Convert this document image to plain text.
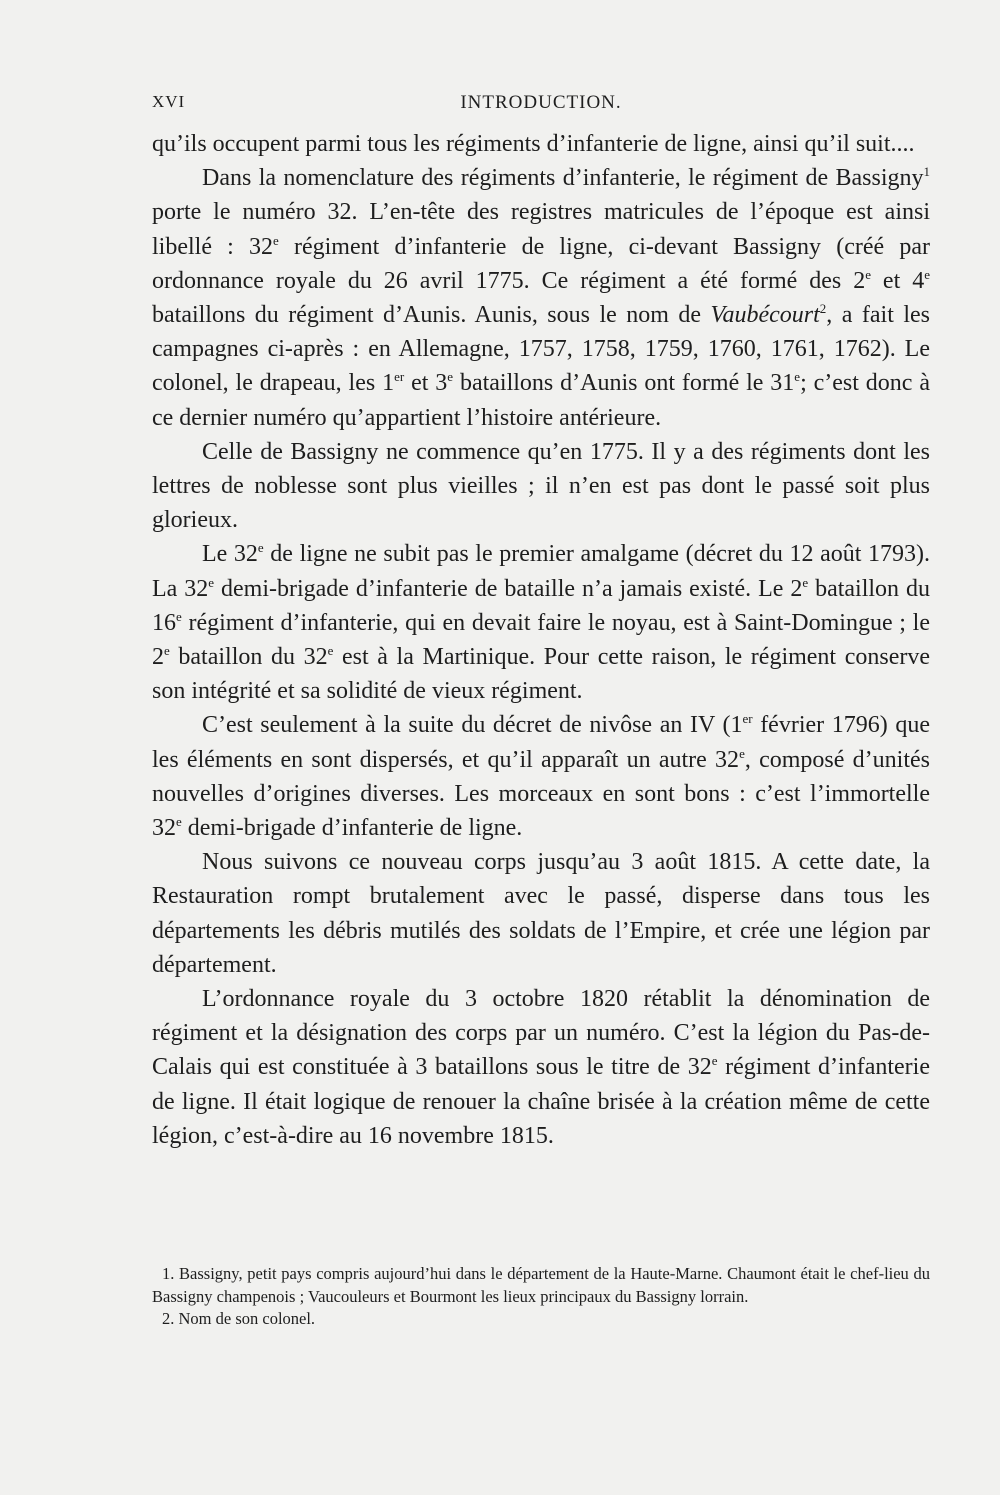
XVI	INTRODUCTION.

qu’ils occupent parmi tous les régiments d’infanterie de ligne, ainsi qu’il suit....

Dans la nomenclature des régiments d’infanterie, le régiment de Bassigny$^1$ porte le numéro 32. L’en-tête des registres matricules de l’époque est ainsi libellé : 32e régiment d’infanterie de ligne, ci-devant Bassigny (créé par ordonnance royale du 26 avril 1775. Ce régiment a été formé des 2e et 4e bataillons du régiment d’Aunis. Aunis, sous le nom de Vaubécourt$^2$, a fait les campagnes ci-après : en Allemagne, 1757, 1758, 1759, 1760, 1761, 1762). Le colonel, le drapeau, les 1er et 3e bataillons d’Aunis ont formé le 31e; c’est donc à ce dernier numéro qu’appartient l’histoire antérieure.

Celle de Bassigny ne commence qu’en 1775. Il y a des régiments dont les lettres de noblesse sont plus vieilles ; il n’en est pas dont le passé soit plus glorieux.

Le 32e de ligne ne subit pas le premier amalgame (décret du 12 août 1793). La 32e demi-brigade d’infanterie de bataille n’a jamais existé. Le 2e bataillon du 16e régiment d’infanterie, qui en devait faire le noyau, est à Saint-Domingue ; le 2e bataillon du 32e est à la Martinique. Pour cette raison, le régiment conserve son intégrité et sa solidité de vieux régiment.

C’est seulement à la suite du décret de nivôse an IV (1er février 1796) que les éléments en sont dispersés, et qu’il apparaît un autre 32e, composé d’unités nouvelles d’origines diverses. Les morceaux en sont bons : c’est l’immortelle 32e demi-brigade d’infanterie de ligne.

Nous suivons ce nouveau corps jusqu’au 3 août 1815. A cette date, la Restauration rompt brutalement avec le passé, disperse dans tous les départements les débris mutilés des soldats de l’Empire, et crée une légion par département.

L’ordonnance royale du 3 octobre 1820 rétablit la dénomination de régiment et la désignation des corps par un numéro. C’est la légion du Pas-de-Calais qui est constituée à 3 bataillons sous le titre de 32e régiment d’infanterie de ligne. Il était logique de renouer la chaîne brisée à la création même de cette légion, c’est-à-dire au 16 novembre 1815.

1. Bassigny, petit pays compris aujourd’hui dans le département de la Haute-Marne. Chaumont était le chef-lieu du Bassigny champenois ; Vaucouleurs et Bourmont les lieux principaux du Bassigny lorrain.

2. Nom de son colonel.
